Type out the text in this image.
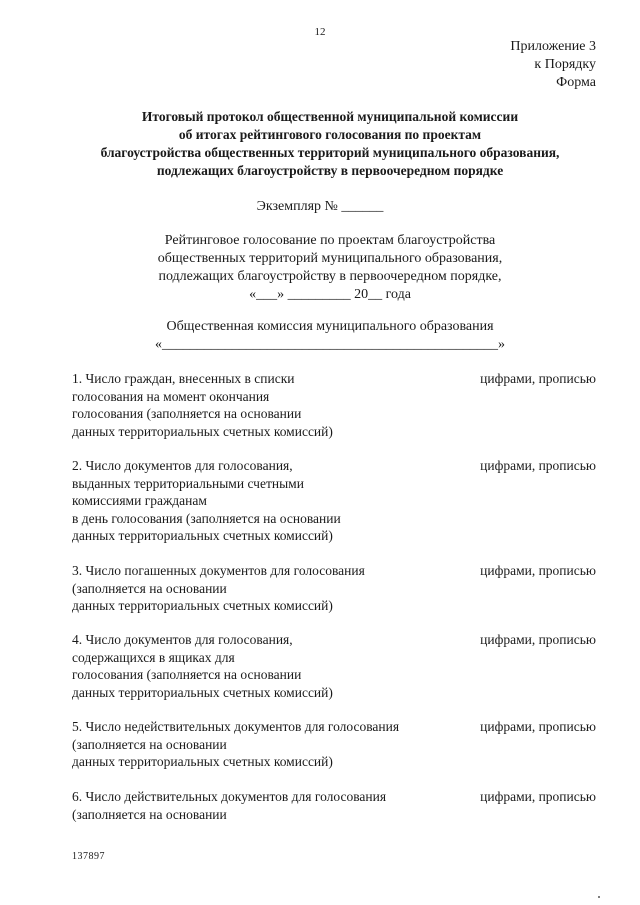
12
Приложение 3
к Порядку
Форма
Итоговый протокол общественной муниципальной комиссии
об итогах рейтингового голосования по проектам
благоустройства общественных территорий муниципального образования,
подлежащих благоустройству в первоочередном порядке
Экземпляр № ______
Рейтинговое голосование по проектам благоустройства
общественных территорий муниципального образования,
подлежащих благоустройству в первоочередном порядке,
«___» _________ 20__ года
Общественная комиссия муниципального образования
«________________________________________________»
1. Число граждан, внесенных в списки
голосования на момент окончания
голосования (заполняется на основании
данных территориальных счетных комиссий)
цифрами, прописью
2. Число документов для голосования,
выданных территориальными счетными
комиссиями гражданам
в день голосования (заполняется на основании
данных территориальных счетных комиссий)
цифрами, прописью
3. Число погашенных документов для голосования
(заполняется на основании
данных территориальных счетных комиссий)
цифрами, прописью
4. Число документов для голосования,
содержащихся в ящиках для
голосования (заполняется на основании
данных территориальных счетных комиссий)
цифрами, прописью
5. Число недействительных документов для голосования
(заполняется на основании
данных территориальных счетных комиссий)
цифрами, прописью
6. Число действительных документов для голосования
(заполняется на основании
цифрами, прописью
137897
